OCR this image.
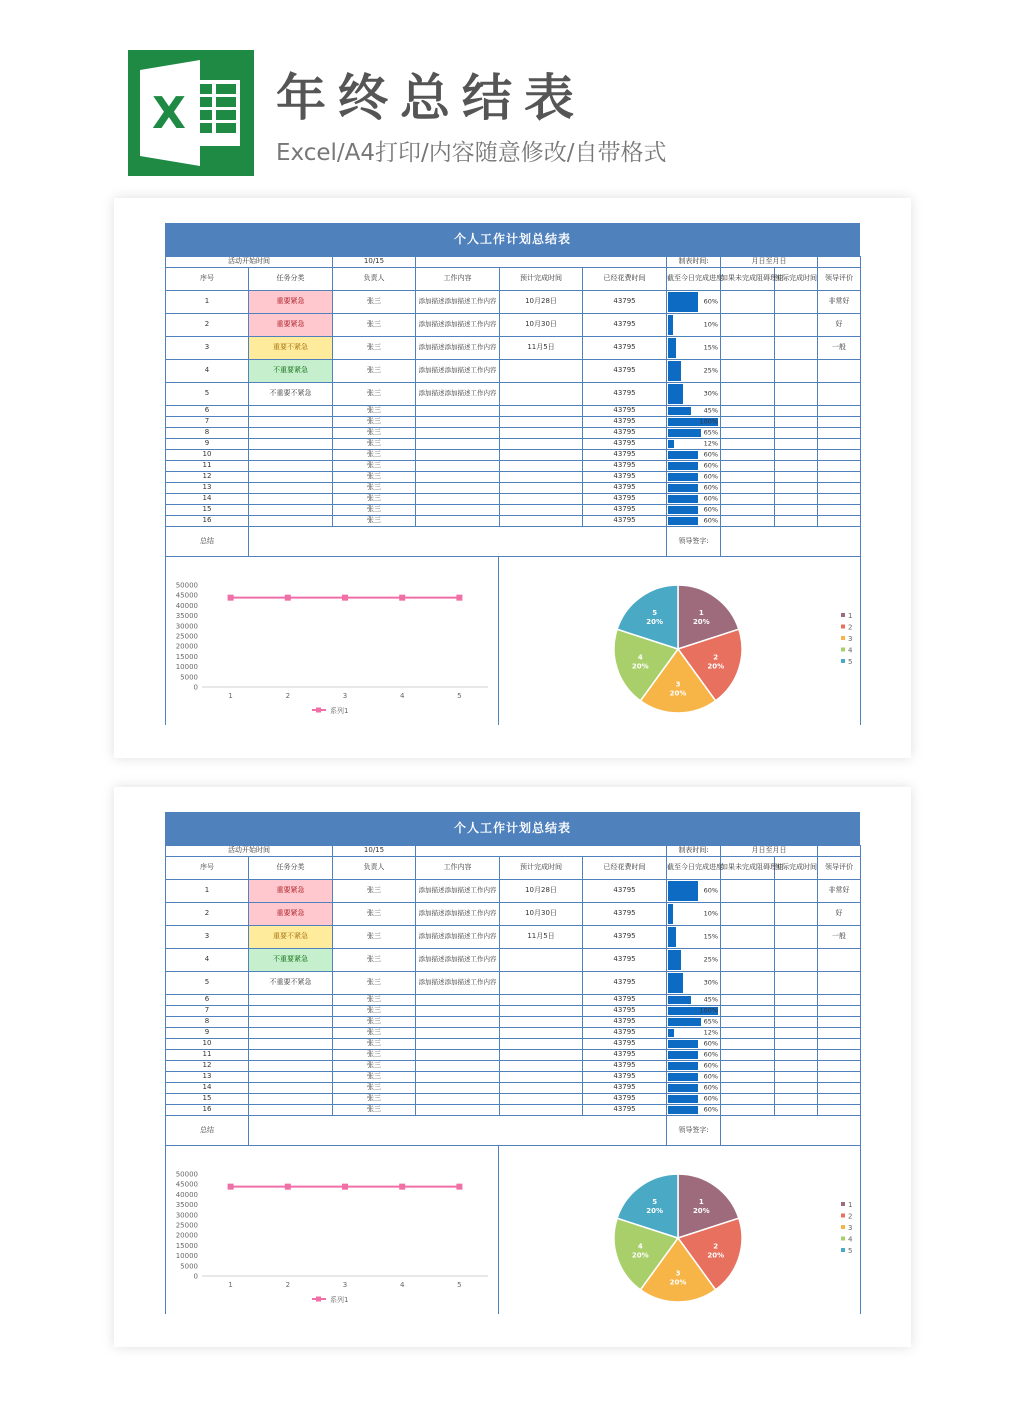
X 年终总结表
Excel/A4打印/内容随意修改/自带格式
个人工作计划总结表
活动开始时间		10/15				制表时间:	月日至月日		
序号	任务分类	负责人	工作内容	预计完成时间	已经花费时间	截至今日完成进度	如果未完成阻碍理由	实际完成时间	领导评价
1	重要紧急	张三	添加描述添加描述工作内容	10月28日	43795	60%			非常好
2	重要紧急	张三	添加描述添加描述工作内容	10月30日	43795	10%			好
3	重要不紧急	张三	添加描述添加描述工作内容	11月5日	43795	15%			一般
4	不重要紧急	张三	添加描述添加描述工作内容		43795	25%			

5	不重要不紧急	张三	添加描述添加描述工作内容		43795	30%			

6		张三			43795	45%			

7		张三			43795	100%			

8		张三			43795	65%			

9		张三			43795	12%			

10		张三			43795	60%			

11		张三			43795	60%			

12		张三			43795	60%			

13		张三			43795	60%			

14		张三			43795	60%			

15		张三			43795	60%			

16		张三			43795	60%			

总结						领导签字:			
50000
45000
40000
35000
30000
25000
20000
15000
10000
5000
0
1	2	3	4	5
系列1
1
20%
1
2
20%
2
3
20%
3
4
20%
4
5
20%
5
个人工作计划总结表
活动开始时间		10/15				制表时间:	月日至月日		
序号	任务分类	负责人	工作内容	预计完成时间	已经花费时间	截至今日完成进度	如果未完成阻碍理由	实际完成时间	领导评价
1	重要紧急	张三	添加描述添加描述工作内容	10月28日	43795	60%			非常好
2	重要紧急	张三	添加描述添加描述工作内容	10月30日	43795	10%			好
3	重要不紧急	张三	添加描述添加描述工作内容	11月5日	43795	15%			一般
4	不重要紧急	张三	添加描述添加描述工作内容		43795	25%			

5	不重要不紧急	张三	添加描述添加描述工作内容		43795	30%			

6		张三			43795	45%			

7		张三			43795	100%			

8		张三			43795	65%			

9		张三			43795	12%			

10		张三			43795	60%			

11		张三			43795	60%			

12		张三			43795	60%			

13		张三			43795	60%			

14		张三			43795	60%			

15		张三			43795	60%			

16		张三			43795	60%			

总结						领导签字:			
50000
45000
40000
35000
30000
25000
20000
15000
10000
5000
0
1	2	3	4	5
系列1
1
20%
1
2
20%
2
3
20%
3
4
20%
4
5
20%
5
